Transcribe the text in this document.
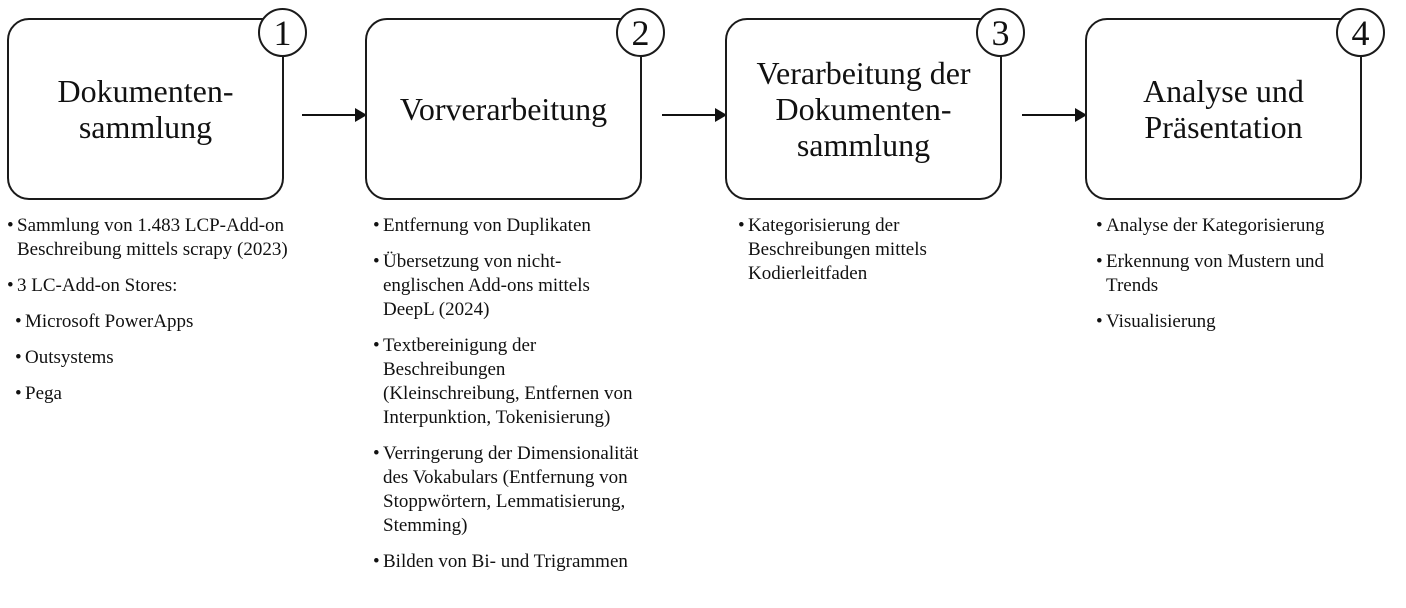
Dokumenten-
sammlung
1
Vorverarbeitung
2
Verarbeitung der
Dokumenten-
sammlung
3
Analyse und
Präsentation
4
• Sammlung von 1.483 LCP-Add-on
Beschreibung mittels scrapy (2023)
• 3 LC-Add-on Stores:
• Microsoft PowerApps
• Outsystems
• Pega
• Entfernung von Duplikaten
• Übersetzung von nicht-
englischen Add-ons mittels
DeepL (2024)
• Textbereinigung der
Beschreibungen
(Kleinschreibung, Entfernen von
Interpunktion, Tokenisierung)
• Verringerung der Dimensionalität
des Vokabulars (Entfernung von
Stoppwörtern, Lemmatisierung,
Stemming)
• Bilden von Bi- und Trigrammen
• Kategorisierung der
Beschreibungen mittels
Kodierleitfaden
• Analyse der Kategorisierung
• Erkennung von Mustern und
Trends
• Visualisierung
